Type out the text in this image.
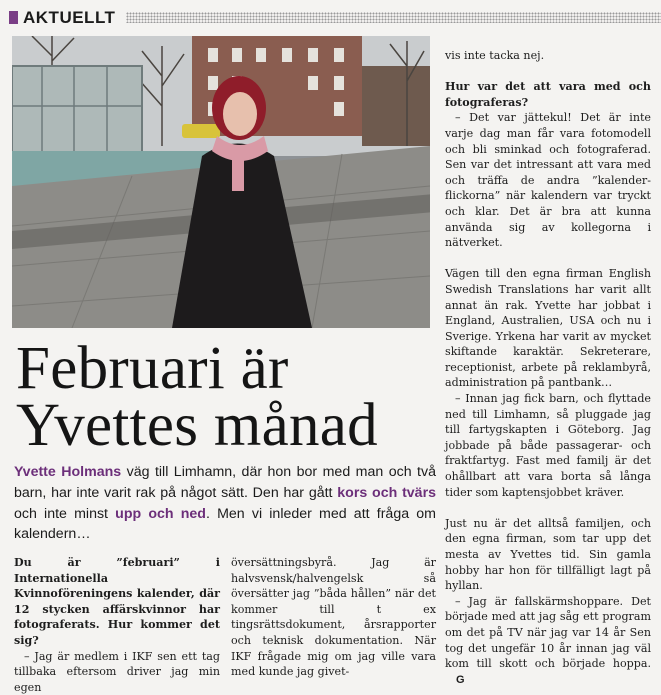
AKTUELLT
Februari är
Yvettes månad
Yvette Holmans väg till Limhamn, där hon bor med man och två barn, har inte varit rak på något sätt. Den har gått kors och tvärs och inte minst upp och ned. Men vi inleder med att fråga om kalendern…

Du är ”februari” i Internationella Kvinnoföreningens kalender, där 12 stycken affärskvinnor har fotograferats. Hur kommer det sig?

– Jag är medlem i IKF sen ett tag tillbaka eftersom driver jag min egen

översättningsbyrå. Jag är halvsvensk/halvengelsk så översätter jag ”båda hållen” när det kommer till t ex tingsrättsdokument, årsrapporter och teknisk dokumentation. När IKF frågade mig om jag ville vara med kunde jag givet-

vis inte tacka nej.

Hur var det att vara med och fotograferas?

– Det var jättekul! Det är inte varje dag man får vara fotomodell och bli sminkad och fotograferad. Sen var det intressant att vara med och träffa de andra ”kalender-flickorna” när kalendern var tryckt och klar. Det är bra att kunna använda sig av kollegorna i nätverket.

Vägen till den egna firman English Swedish Translations har varit allt annat än rak. Yvette har jobbat i England, Australien, USA och nu i Sverige. Yrkena har varit av mycket skiftande karaktär. Sekreterare, receptionist, arbete på reklambyrå, administration på pantbank…

– Innan jag fick barn, och flyttade ned till Limhamn, så pluggade jag till fartygskapten i Göteborg. Jag jobbade på både passagerar- och fraktfartyg. Fast med familj är det ohållbart att vara borta så långa tider som kaptensjobbet kräver.

Just nu är det alltså familjen, och den egna firman, som tar upp det mesta av Yvettes tid. Sin gamla hobby har hon för tillfälligt lagt på hyllan.

– Jag är fallskärmshoppare. Det började med att jag såg ett program om det på TV när jag var 14 år Sen tog det ungefär 10 år innan jag väl kom till skott och började hoppa. G
